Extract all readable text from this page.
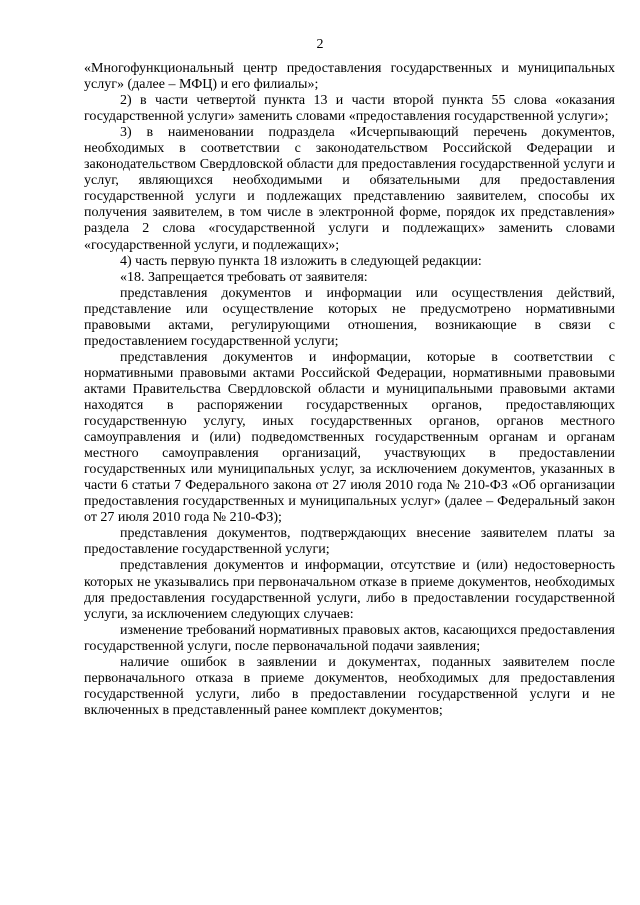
2

«Многофункциональный центр предоставления государственных и муниципальных услуг» (далее – МФЦ) и его филиалы»;

2) в части четвертой пункта 13 и части второй пункта 55 слова «оказания государственной услуги» заменить словами «предоставления государственной услуги»;

3) в наименовании подраздела «Исчерпывающий перечень документов, необходимых в соответствии с законодательством Российской Федерации и законодательством Свердловской области для предоставления государственной услуги и услуг, являющихся необходимыми и обязательными для предоставления государственной услуги и подлежащих представлению заявителем, способы их получения заявителем, в том числе в электронной форме, порядок их представления» раздела 2 слова «государственной услуги и подлежащих» заменить словами «государственной услуги, и подлежащих»;

4) часть первую пункта 18 изложить в следующей редакции:

«18. Запрещается требовать от заявителя:

представления документов и информации или осуществления действий, представление или осуществление которых не предусмотрено нормативными правовыми актами, регулирующими отношения, возникающие в связи с предоставлением государственной услуги;

представления документов и информации, которые в соответствии с нормативными правовыми актами Российской Федерации, нормативными правовыми актами Правительства Свердловской области и муниципальными правовыми актами находятся в распоряжении государственных органов, предоставляющих государственную услугу, иных государственных органов, органов местного самоуправления и (или) подведомственных государственным органам и органам местного самоуправления организаций, участвующих в предоставлении государственных или муниципальных услуг, за исключением документов, указанных в части 6 статьи 7 Федерального закона от 27 июля 2010 года № 210-ФЗ «Об организации предоставления государственных и муниципальных услуг» (далее – Федеральный закон от 27 июля 2010 года № 210-ФЗ);

представления документов, подтверждающих внесение заявителем платы за предоставление государственной услуги;

представления документов и информации, отсутствие и (или) недостоверность которых не указывались при первоначальном отказе в приеме документов, необходимых для предоставления государственной услуги, либо в предоставлении государственной услуги, за исключением следующих случаев:

изменение требований нормативных правовых актов, касающихся предоставления государственной услуги, после первоначальной подачи заявления;

наличие ошибок в заявлении и документах, поданных заявителем после первоначального отказа в приеме документов, необходимых для предоставления государственной услуги, либо в предоставлении государственной услуги и не включенных в представленный ранее комплект документов;
